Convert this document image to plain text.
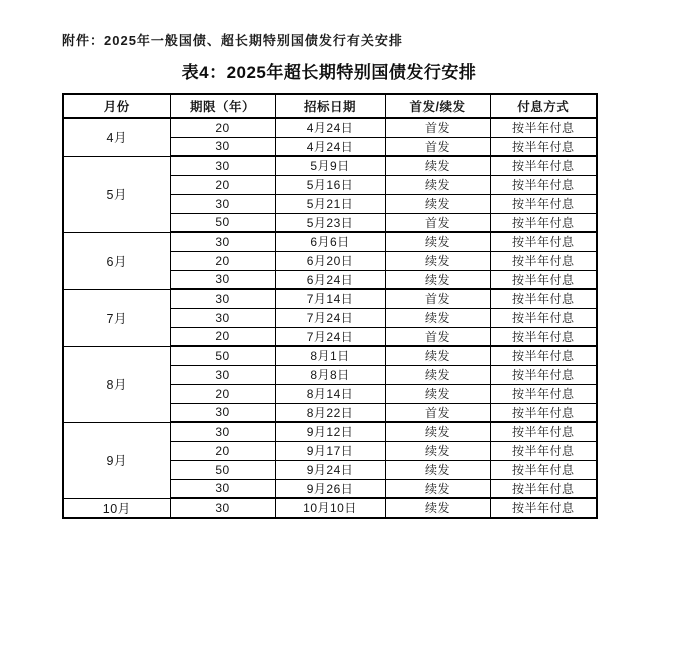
附件：2025年一般国债、超长期特别国债发行有关安排
表4：2025年超长期特别国债发行安排
月份	期限（年）	招标日期	首发/续发	付息方式
4月	20	4月24日	首发	按半年付息
	30	4月24日	首发	按半年付息
5月	30	5月9日	续发	按半年付息
	20	5月16日	续发	按半年付息
	30	5月21日	续发	按半年付息
	50	5月23日	首发	按半年付息
6月	30	6月6日	续发	按半年付息
	20	6月20日	续发	按半年付息
	30	6月24日	续发	按半年付息
7月	30	7月14日	首发	按半年付息
	30	7月24日	续发	按半年付息
	20	7月24日	首发	按半年付息
8月	50	8月1日	续发	按半年付息
	30	8月8日	续发	按半年付息
	20	8月14日	续发	按半年付息
	30	8月22日	首发	按半年付息
9月	30	9月12日	续发	按半年付息
	20	9月17日	续发	按半年付息
	50	9月24日	续发	按半年付息
	30	9月26日	续发	按半年付息
10月	30	10月10日	续发	按半年付息
